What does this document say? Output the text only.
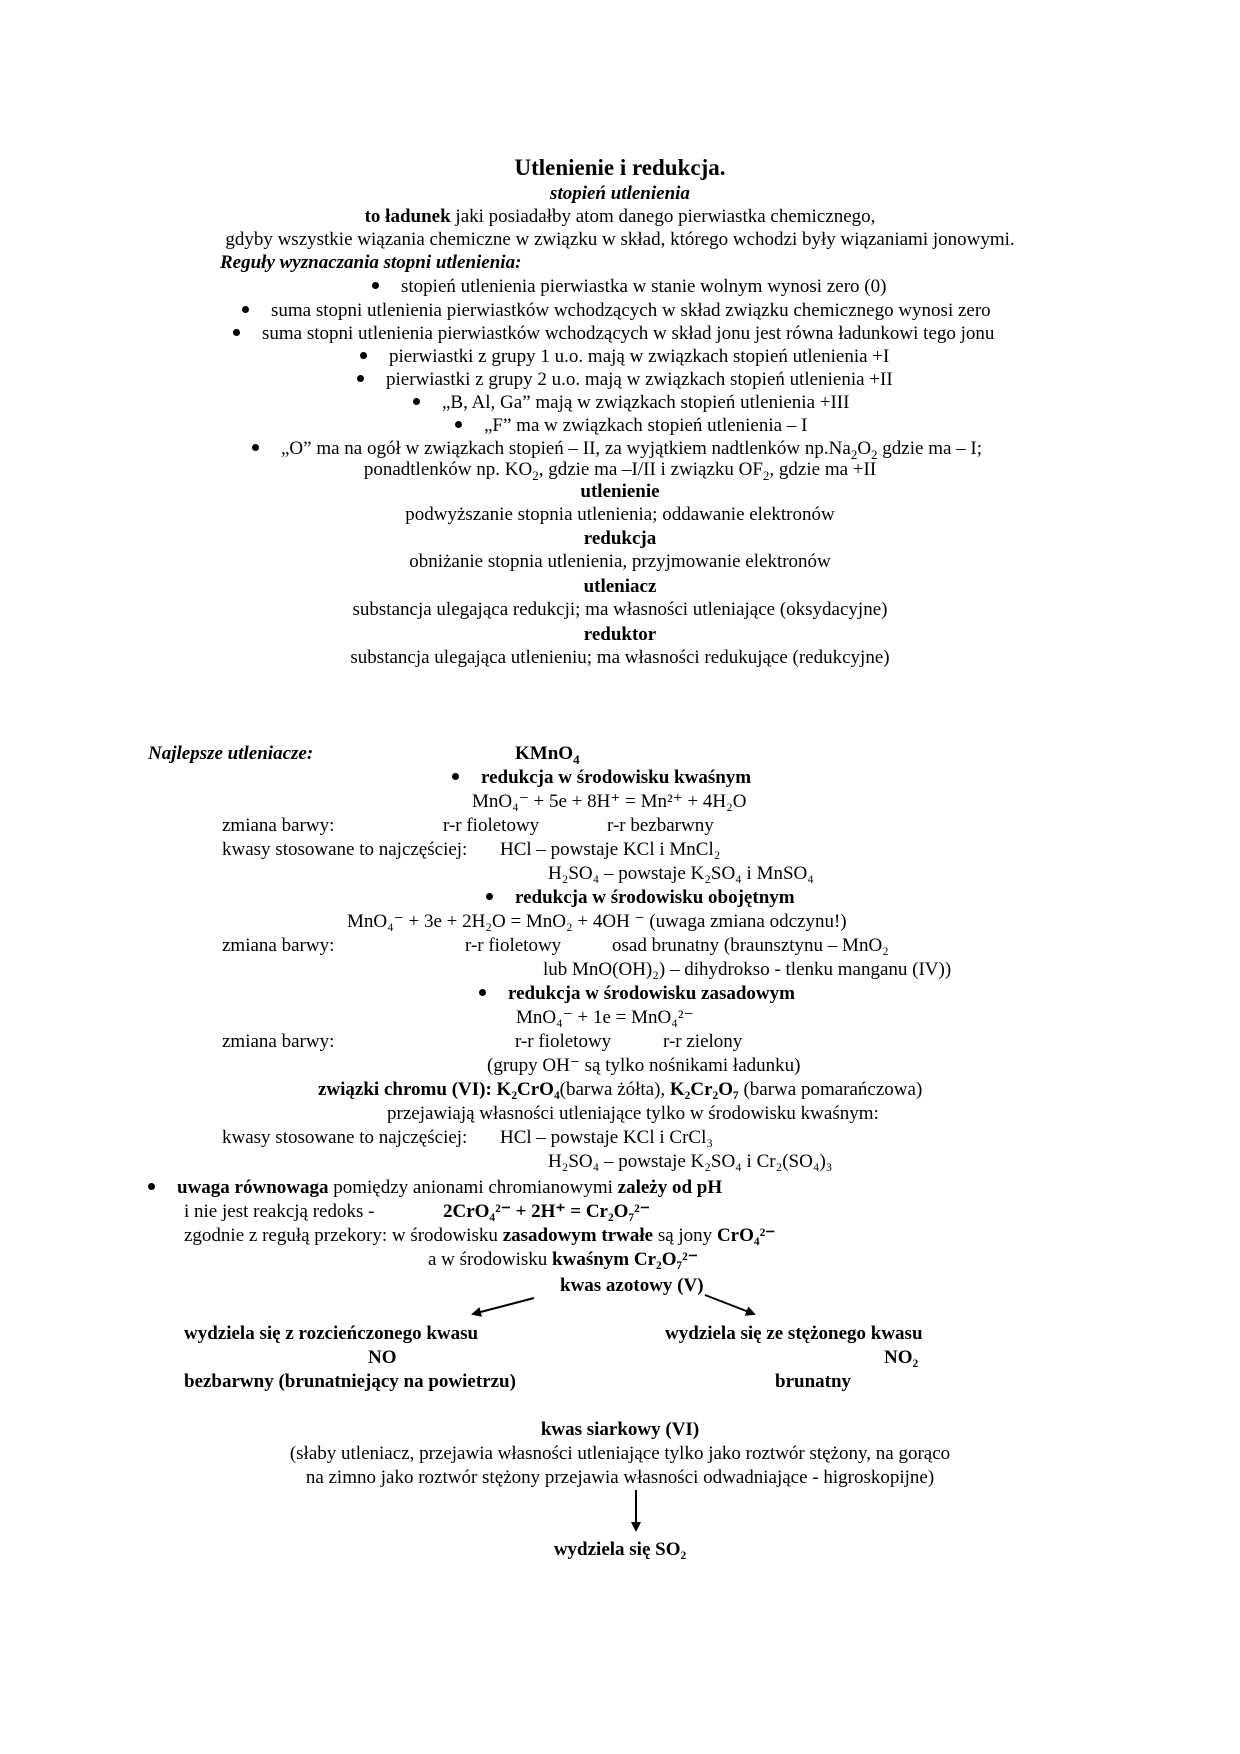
Utlenienie i redukcja.
stopień utlenienia
to ładunek jaki posiadałby atom danego pierwiastka chemicznego,
gdyby wszystkie wiązania chemiczne w związku w skład, którego wchodzi były wiązaniami jonowymi.
Reguły wyznaczania stopni utlenienia:
stopień utlenienia pierwiastka w stanie wolnym wynosi zero (0)
suma stopni utlenienia pierwiastków wchodzących w skład związku chemicznego wynosi zero
suma stopni utlenienia pierwiastków wchodzących w skład jonu jest równa ładunkowi tego jonu
pierwiastki z grupy 1 u.o. mają w związkach stopień utlenienia +I
pierwiastki z grupy 2 u.o. mają w związkach stopień utlenienia +II
„B, Al, Ga” mają w związkach stopień utlenienia +III
„F” ma w związkach stopień utlenienia – I
„O” ma na ogół w związkach stopień – II, za wyjątkiem nadtlenków $np.Na_2O_2$ gdzie ma – I;
ponadtlenków np. $KO_2$, gdzie ma –I/II i związku $OF_2$, gdzie ma +II
utlenienie
podwyższanie stopnia utlenienia; oddawanie elektronów
redukcja
obniżanie stopnia utlenienia, przyjmowanie elektronów
utleniacz
substancja ulegająca redukcji; ma własności utleniające (oksydacyjne)
reduktor
substancja ulegająca utlenieniu; ma własności redukujące (redukcyjne)
Najlepsze utleniacze:	KMnO$_4$
redukcja w środowisku kwaśnym
MnO₄⁻ + 5e + 8H⁺ = Mn²⁺ + 4H₂O
zmiana barwy:	r-r fioletowy	r-r bezbarwny
kwasy stosowane to najczęściej: HCl – powstaje KCl i MnCl₂
H₂SO₄ – powstaje K₂SO₄ i MnSO₄
redukcja w środowisku obojętnym
MnO₄⁻ + 3e + 2H₂O = MnO₂ + 4OH ⁻ (uwaga zmiana odczynu!)
zmiana barwy:	r-r fioletowy	osad brunatny (braunsztynu – MnO₂
lub MnO(OH)₂) – dihydrokso - tlenku manganu (IV))
redukcja w środowisku zasadowym
MnO₄⁻ + 1e = MnO₄²⁻
zmiana barwy:	r-r fioletowy	r-r zielony
(grupy OH⁻ są tylko nośnikami ładunku)
związki chromu (VI): K₂CrO₄(barwa żółta), K₂Cr₂O₇ (barwa pomarańczowa)
przejawiają własności utleniające tylko w środowisku kwaśnym:
kwasy stosowane to najczęściej: HCl – powstaje KCl i CrCl₃
H₂SO₄ – powstaje K₂SO₄ i Cr₂(SO₄)₃
uwaga równowaga pomiędzy anionami chromianowymi zależy od pH
i nie jest reakcją redoks -	2CrO₄²⁻ + 2H⁺ = Cr₂O₇²⁻
zgodnie z regułą przekory: w środowisku zasadowym trwałe są jony CrO₄²⁻
a w środowisku kwaśnym Cr₂O₇²⁻
kwas azotowy (V)
wydziela się z rozcieńczonego kwasu
NO
bezbarwny (brunatniejący na powietrzu)
wydziela się ze stężonego kwasu
NO₂
brunatny
kwas siarkowy (VI)
(słaby utleniacz, przejawia własności utleniające tylko jako roztwór stężony, na gorąco
na zimno jako roztwór stężony przejawia własności odwadniające - higroskopijne)
wydziela się SO₂
